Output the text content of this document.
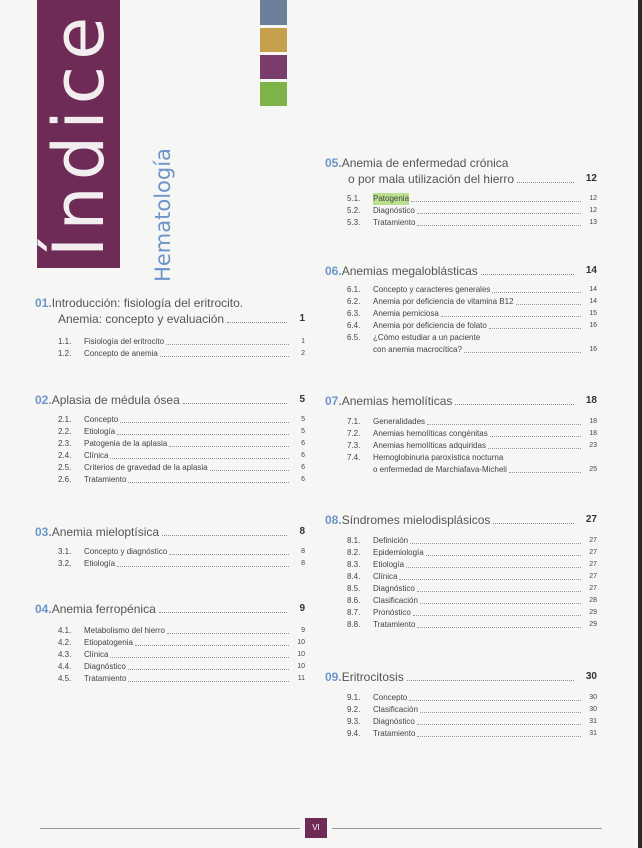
Índice Hematología
01. Introducción: fisiología del eritrocito.
Anemia: concepto y evaluación	1
1.1.	Fisiología del eritrocito	1
1.2.	Concepto de anemia	2
02. Aplasia de médula ósea	5
2.1.	Concepto	5
2.2.	Etiología	5
2.3.	Patogenia de la aplasia	6
2.4.	Clínica	6
2.5.	Criterios de gravedad de la aplasia	6
2.6.	Tratamiento	6
03. Anemia mieloptísica	8
3.1.	Concepto y diagnóstico	8
3.2.	Etiología	8
04. Anemia ferropénica	9
4.1.	Metabolismo del hierro	9
4.2.	Etiopatogenia	10
4.3.	Clínica	10
4.4.	Diagnóstico	10
4.5.	Tratamiento	11
05. Anemia de enfermedad crónica
o por mala utilización del hierro	12
5.1.	Patogenia	12
5.2.	Diagnóstico	12
5.3.	Tratamiento	13
06. Anemias megaloblásticas	14
6.1.	Concepto y caracteres generales	14
6.2.	Anemia por deficiencia de vitamina B12	14
6.3.	Anemia perniciosa	15
6.4.	Anemia por deficiencia de folato	16
6.5.	¿Cómo estudiar a un paciente
con anemia macrocítica?	16
07. Anemias hemolíticas	18
7.1.	Generalidades	18
7.2.	Anemias hemolíticas congénitas	18
7.3.	Anemias hemolíticas adquiridas	23
7.4.	Hemoglobinuria paroxística nocturna
o enfermedad de Marchiafava-Micheli	25
08. Síndromes mielodisplásicos	27
8.1.	Definición	27
8.2.	Epidemiología	27
8.3.	Etiología	27
8.4.	Clínica	27
8.5.	Diagnóstico	27
8.6.	Clasificación	28
8.7.	Pronóstico	29
8.8.	Tratamiento	29
09. Eritrocitosis	30
9.1.	Concepto	30
9.2.	Clasificación	30
9.3.	Diagnóstico	31
9.4.	Tratamiento	31
VI
